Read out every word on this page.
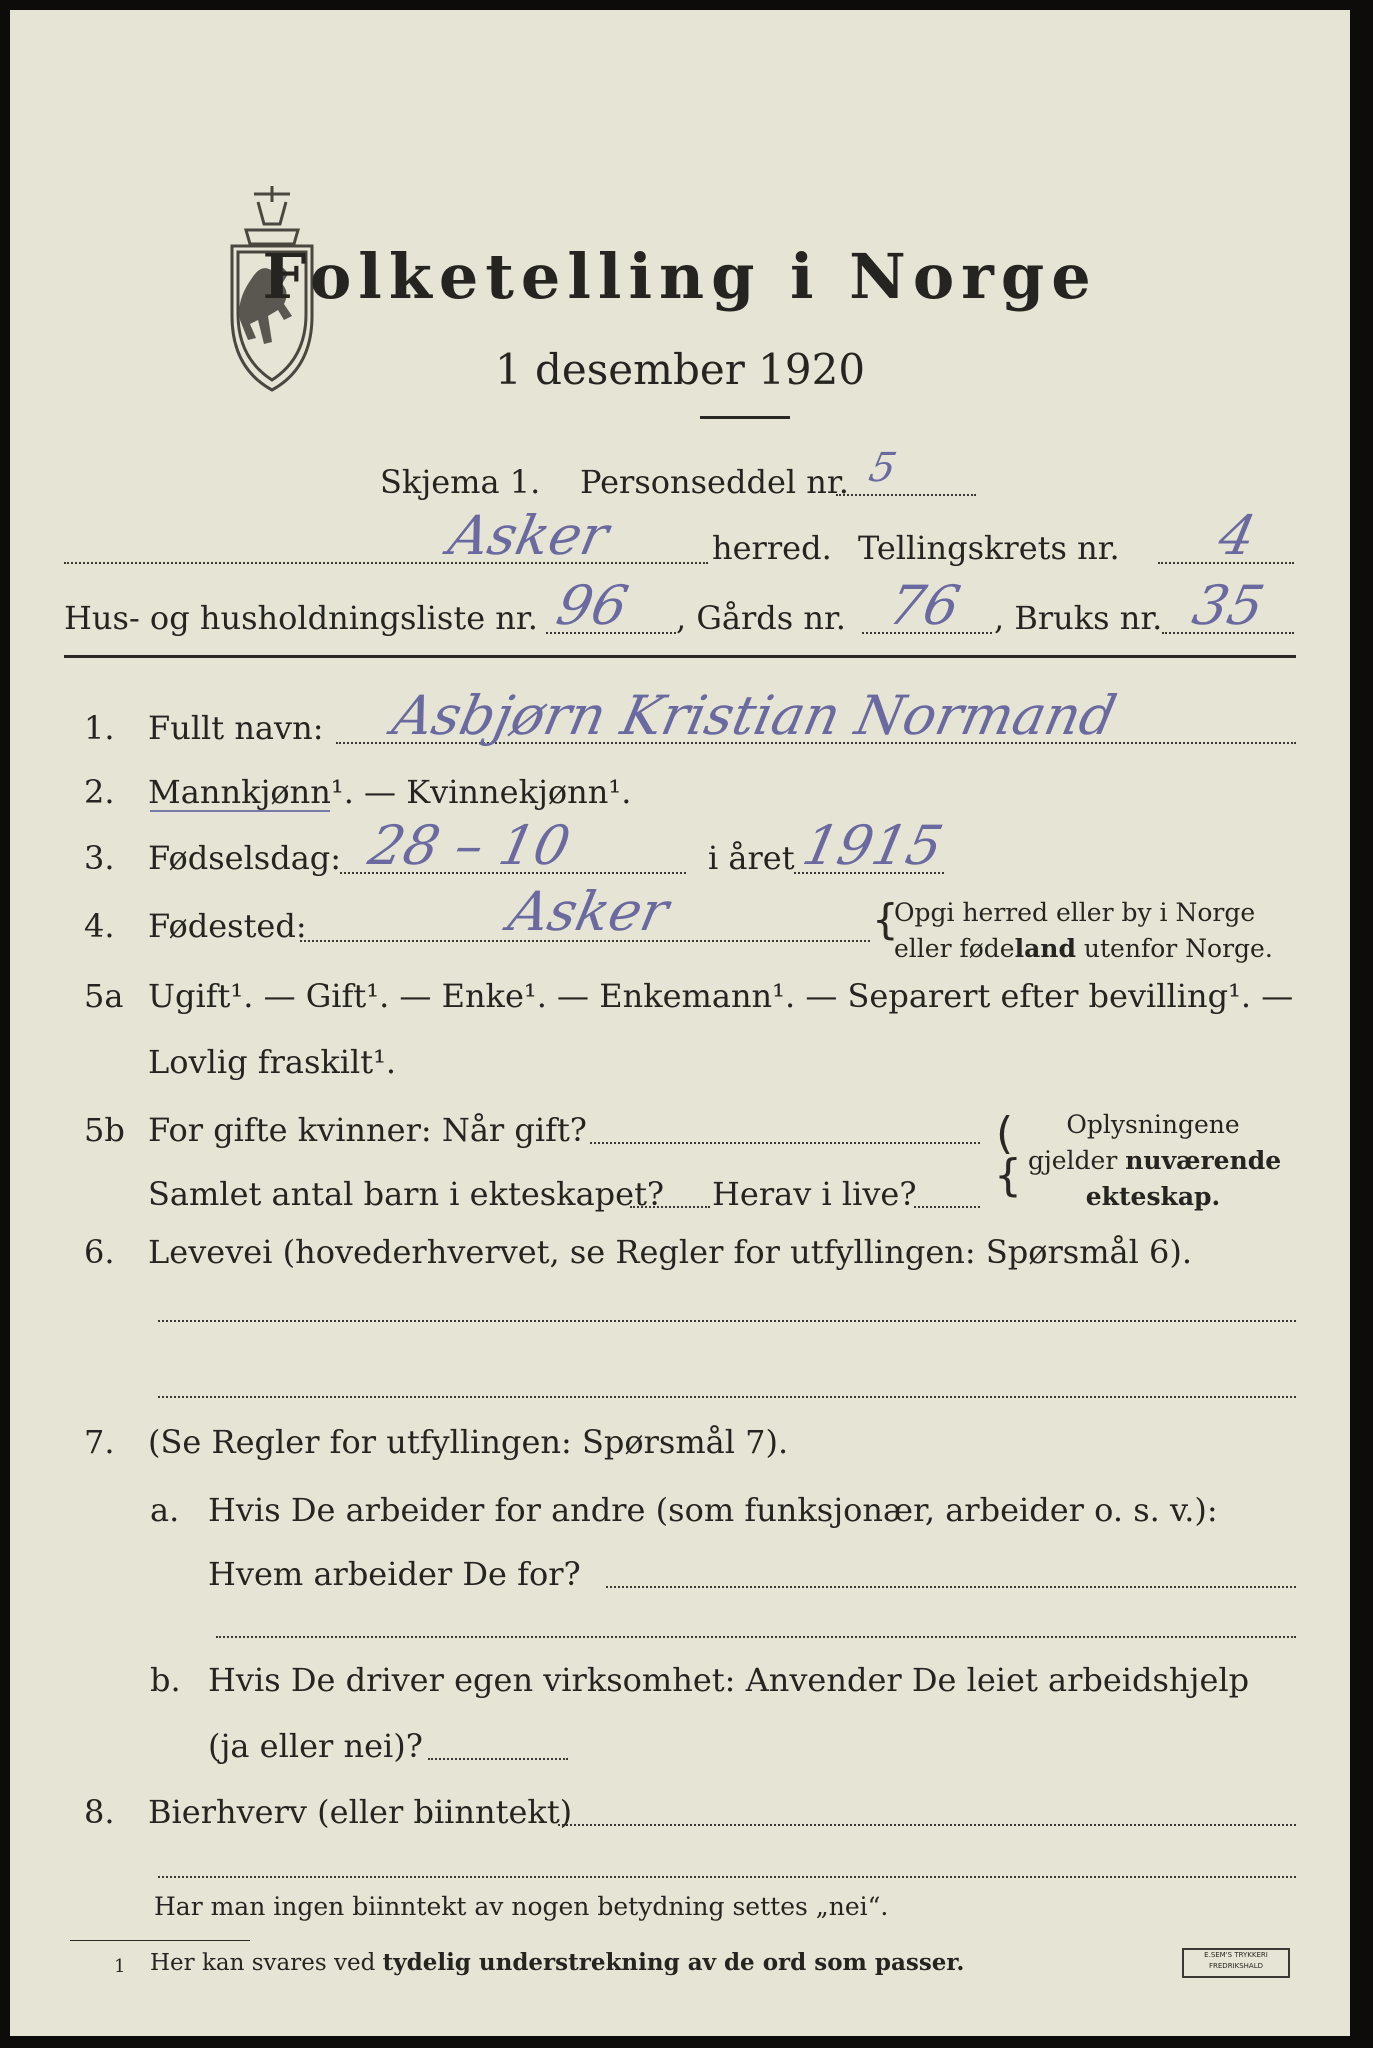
Folketelling i Norge
1 desember 1920
Skjema 1. Personseddel nr. 5
Asker	herred. Tellingskrets nr. 4
Hus- og husholdningsliste nr. 96 , Gårds nr. 76 , Bruks nr. 35
1. Fullt navn: Asbjørn Kristian Normand
2. Mannkjønn¹. — Kvinnekjønn¹.
3. Fødselsdag: 28 – 10	i året 1915
4. Fødested:	Asker	{
Opgi herred eller by i Norge
eller fødeland utenfor Norge.
5a Ugift¹. — Gift¹. — Enke¹. — Enkemann¹. — Separert efter bevilling¹. —
Lovlig fraskilt¹.
5b For gifte kvinner: Når gift?
Samlet antal barn i ekteskapet? Herav i live?
(
{
Oplysningene
gjelder nuværende
ekteskap.
6. Levevei (hovederhvervet, se Regler for utfyllingen: Spørsmål 6).
7. (Se Regler for utfyllingen: Spørsmål 7).
a. Hvis De arbeider for andre (som funksjonær, arbeider o. s. v.):
Hvem arbeider De for?
b. Hvis De driver egen virksomhet: Anvender De leiet arbeidshjelp
(ja eller nei)?
8. Bierhverv (eller biinntekt)
Har man ingen biinntekt av nogen betydning settes „nei“.
1 Her kan svares ved tydelig understrekning av de ord som passer.	E.SEM'S TRYKKERI
FREDRIKSHALD
